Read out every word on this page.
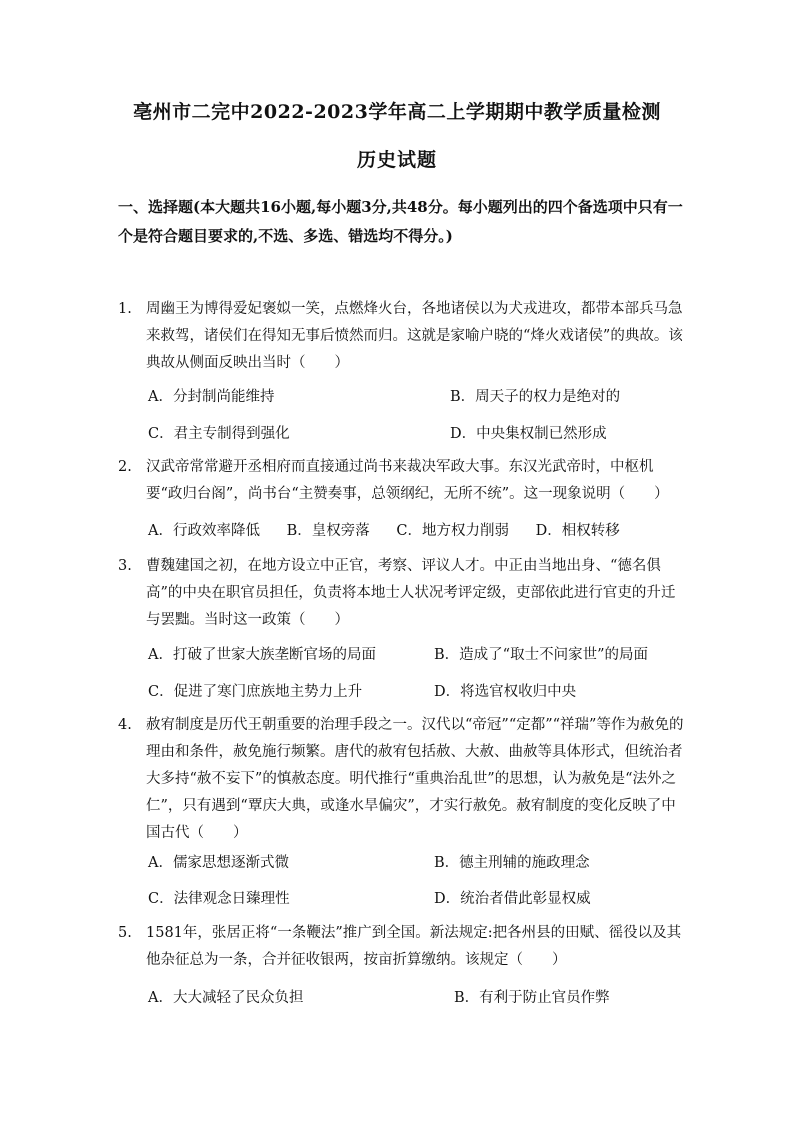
亳州市二完中2022-2023学年高二上学期期中教学质量检测
历史试题
一、选择题(本大题共16小题,每小题3分,共48分。每小题列出的四个备选项中只有一个是符合题目要求的,不选、多选、错选均不得分。)
1. 周幽王为博得爱妃褒姒一笑，点燃烽火台，各地诸侯以为犬戎进攻，都带本部兵马急来救驾，诸侯们在得知无事后愤然而归。这就是家喻户晓的“烽火戏诸侯”的典故。该典故从侧面反映出当时（　　）
A．分封制尚能维持	B．周天子的权力是绝对的
C．君主专制得到强化	D．中央集权制已然形成
2. 汉武帝常常避开丞相府而直接通过尚书来裁决军政大事。东汉光武帝时，中枢机要“政归台阁”，尚书台“主赞奏事，总领纲纪，无所不统”。这一现象说明（　　）
A．行政效率降低 B．皇权旁落 C．地方权力削弱 D．相权转移
3. 曹魏建国之初，在地方设立中正官，考察、评议人才。中正由当地出身、“德名俱高”的中央在职官员担任，负责将本地士人状况考评定级，吏部依此进行官吏的升迁与罢黜。当时这一政策（　　）
A．打破了世家大族垄断官场的局面	B．造成了“取士不问家世”的局面
C．促进了寒门庶族地主势力上升	D．将选官权收归中央
4. 赦宥制度是历代王朝重要的治理手段之一。汉代以“帝冠”“定都”“祥瑞”等作为赦免的理由和条件，赦免施行频繁。唐代的赦宥包括赦、大赦、曲赦等具体形式，但统治者大多持“赦不妄下”的慎赦态度。明代推行“重典治乱世”的思想，认为赦免是“法外之仁”，只有遇到“覃庆大典，或逢水旱偏灾”，才实行赦免。赦宥制度的变化反映了中国古代（　　）
A．儒家思想逐渐式微	B．德主刑辅的施政理念
C．法律观念日臻理性	D．统治者借此彰显权威
5. 1581年，张居正将“一条鞭法”推广到全国。新法规定:把各州县的田赋、徭役以及其他杂征总为一条，合并征收银两，按亩折算缴纳。该规定（　　）
A．大大减轻了民众负担	B．有利于防止官员作弊
